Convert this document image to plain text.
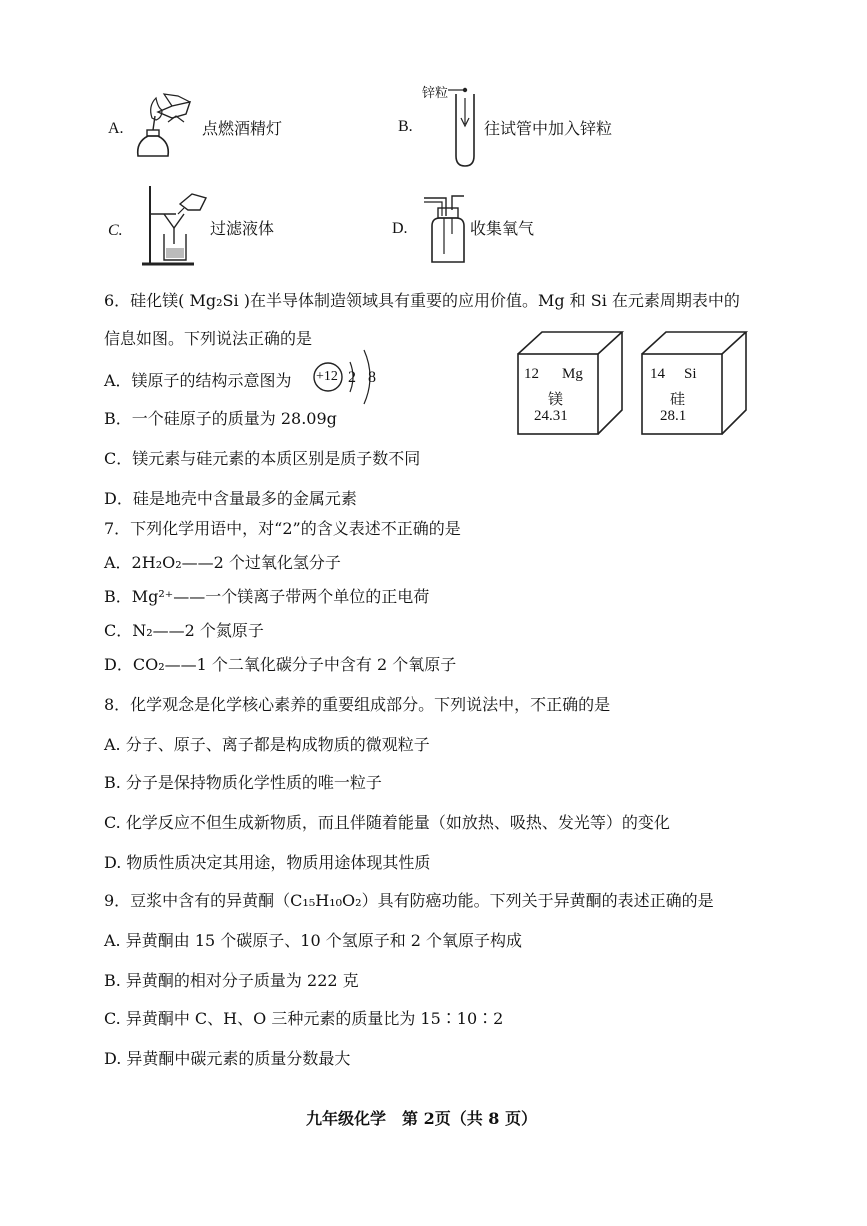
A.	点燃酒精灯	B.
锌粒
往试管中加入锌粒
C.	过滤液体	D.	收集氧气
6．硅化镁( Mg₂Si )在半导体制造领域具有重要的应用价值。Mg 和 Si 在元素周期表中的
信息如图。下列说法正确的是
A．镁原子的结构示意图为 +12 2 8
B．一个硅原子的质量为 28.09g
C．镁元素与硅元素的本质区别是质子数不同
D．硅是地壳中含量最多的金属元素
12 Mg
镁
24.31
14 Si
硅
28.1
7．下列化学用语中，对“2”的含义表述不正确的是
A．2H₂O₂——2 个过氧化氢分子
B．Mg²⁺——一个镁离子带两个单位的正电荷
C．N₂——2 个氮原子
D．CO₂——1 个二氧化碳分子中含有 2 个氧原子
8．化学观念是化学核心素养的重要组成部分。下列说法中，不正确的是
A. 分子、原子、离子都是构成物质的微观粒子
B. 分子是保持物质化学性质的唯一粒子
C. 化学反应不但生成新物质，而且伴随着能量（如放热、吸热、发光等）的变化
D. 物质性质决定其用途，物质用途体现其性质
9．豆浆中含有的异黄酮（C₁₅H₁₀O₂）具有防癌功能。下列关于异黄酮的表述正确的是
A. 异黄酮由 15 个碳原子、10 个氢原子和 2 个氧原子构成
B. 异黄酮的相对分子质量为 222 克
C. 异黄酮中 C、H、O 三种元素的质量比为 15∶10∶2
D. 异黄酮中碳元素的质量分数最大
九年级化学　第 2页（共 8 页）
